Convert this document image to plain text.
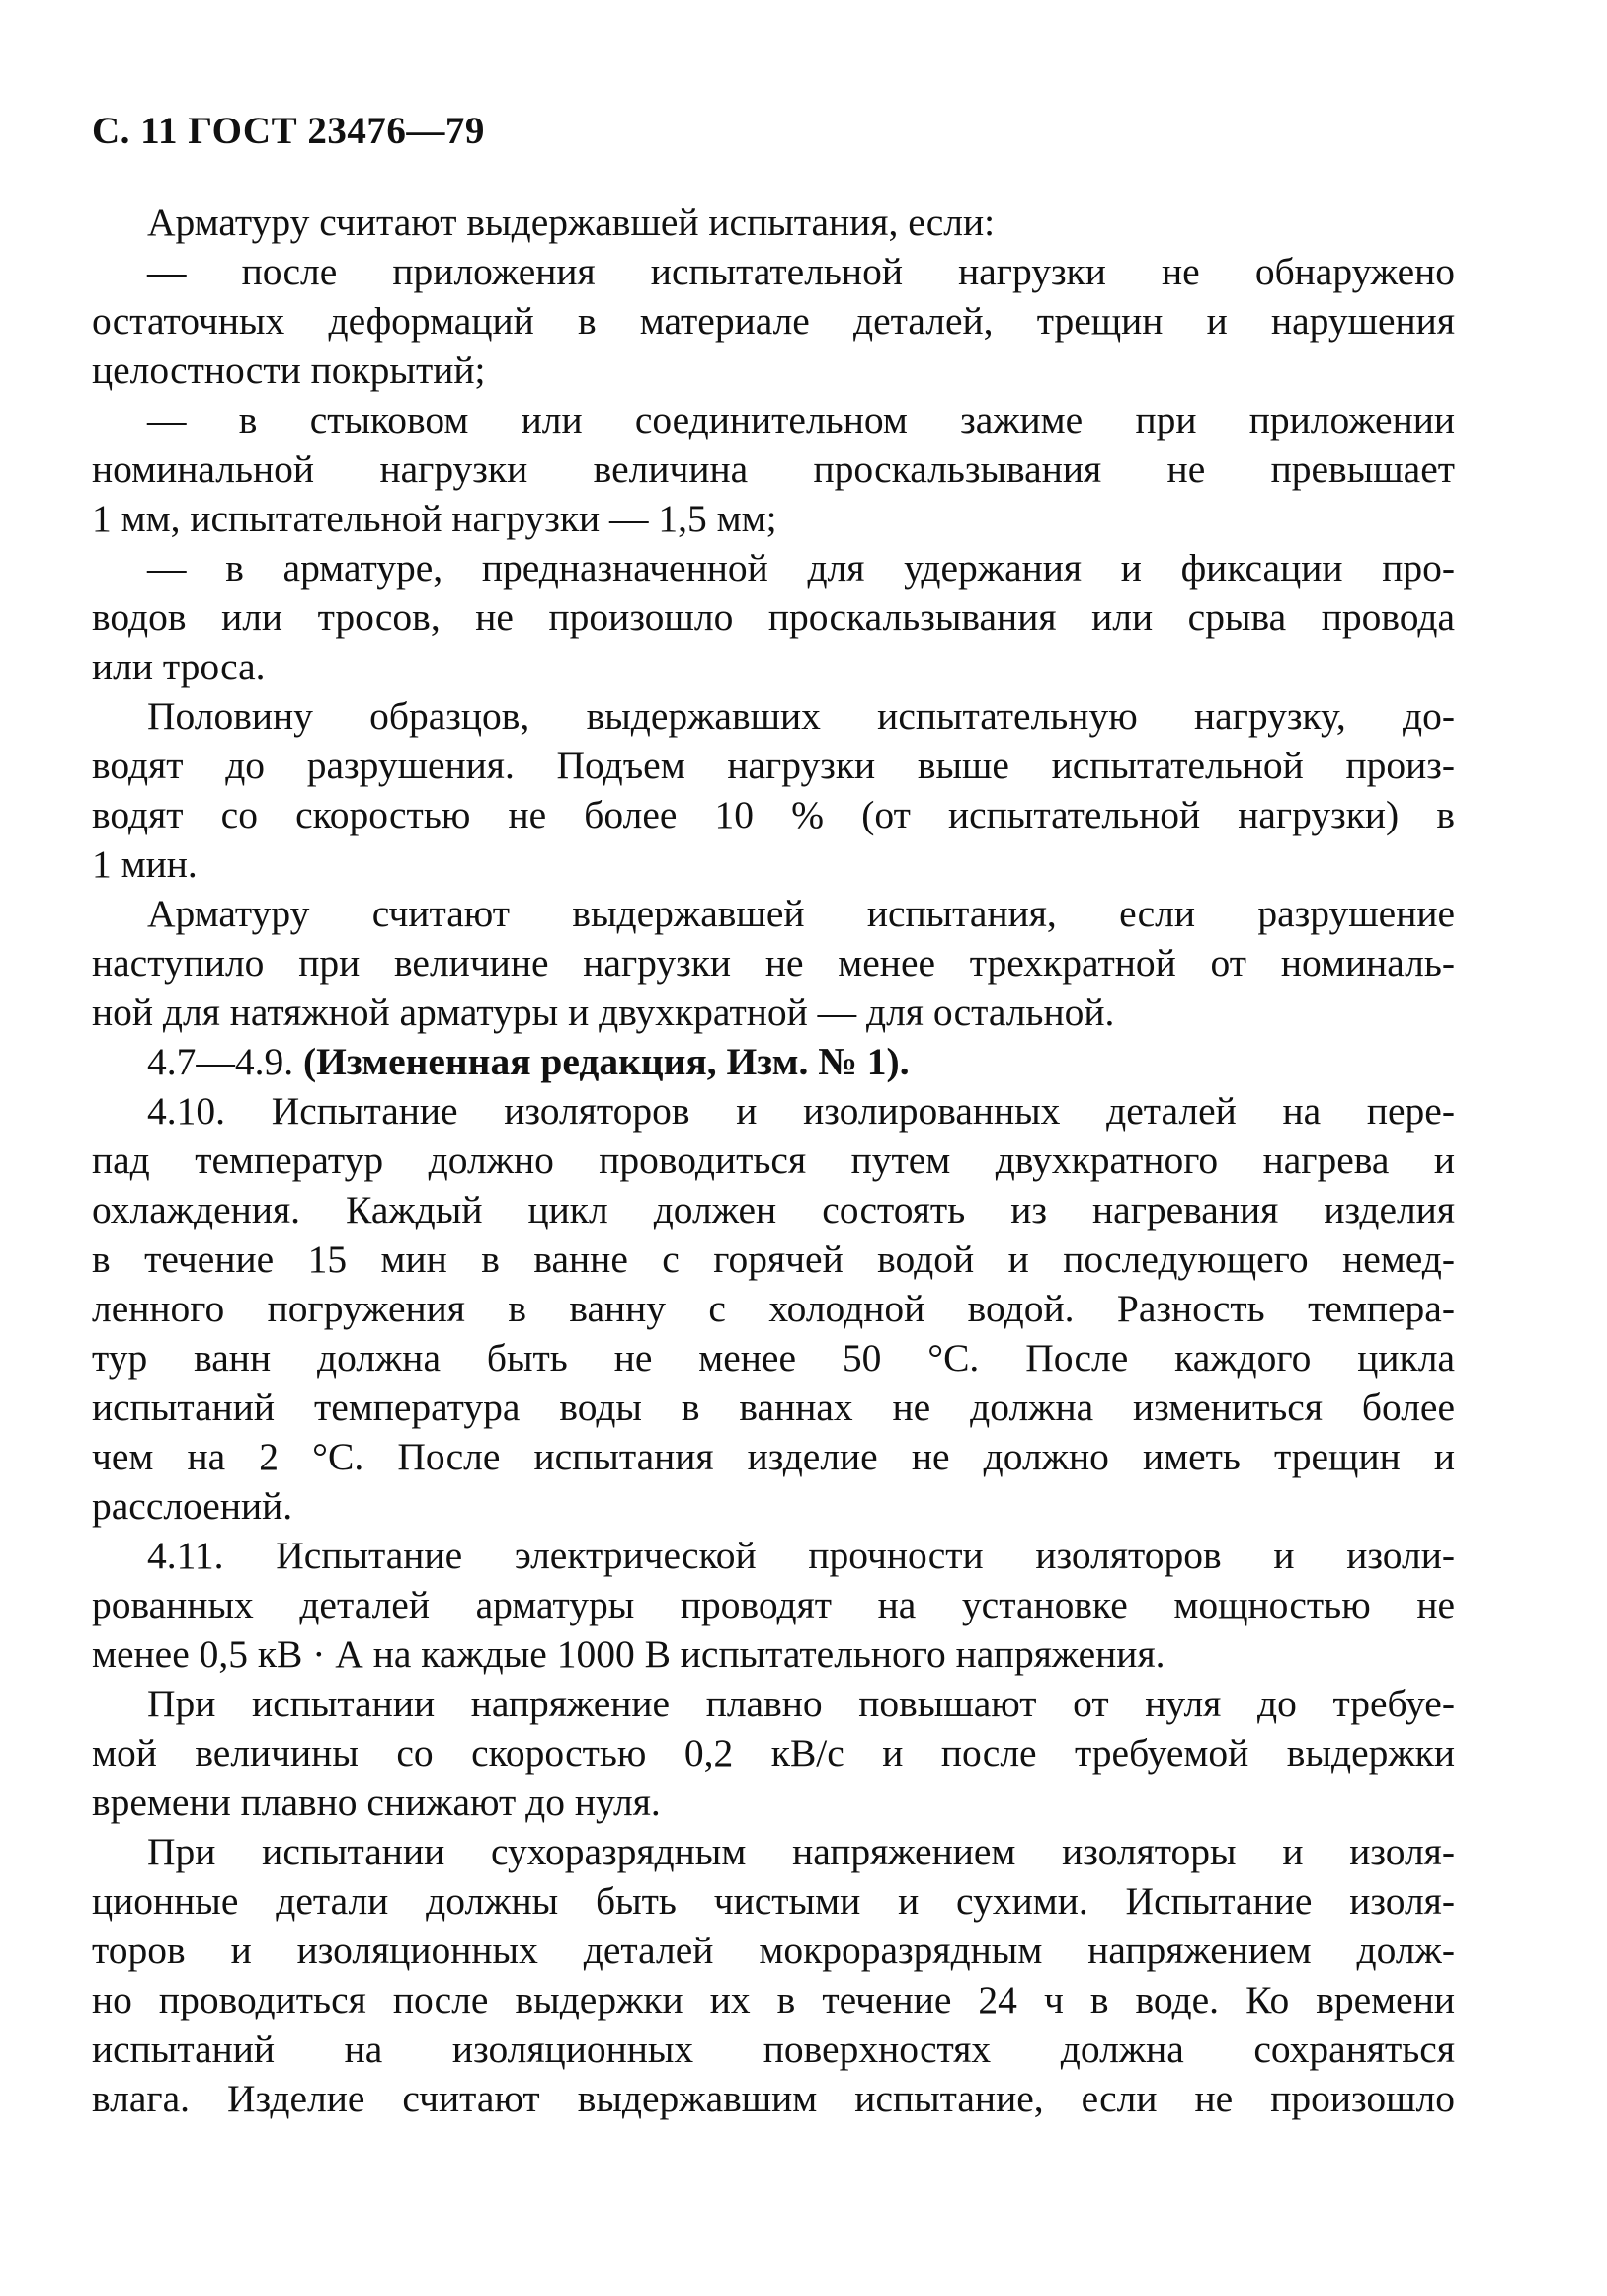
С. 11 ГОСТ 23476—79
Арматуру считают выдержавшей испытания, если:
— после приложения испытательной нагрузки не обнаружено
остаточных деформаций в материале деталей, трещин и нарушения
целостности покрытий;
— в стыковом или соединительном зажиме при приложении
номинальной нагрузки величина проскальзывания не превышает
1 мм, испытательной нагрузки — 1,5 мм;
— в арматуре, предназначенной для удержания и фиксации про-
водов или тросов, не произошло проскальзывания или срыва провода
или троса.
Половину образцов, выдержавших испытательную нагрузку, до-
водят до разрушения. Подъем нагрузки выше испытательной произ-
водят со скоростью не более 10 % (от испытательной нагрузки) в
1 мин.
Арматуру считают выдержавшей испытания, если разрушение
наступило при величине нагрузки не менее трехкратной от номиналь-
ной для натяжной арматуры и двухкратной — для остальной.
4.7—4.9. (Измененная редакция, Изм. № 1).
4.10. Испытание изоляторов и изолированных деталей на пере-
пад температур должно проводиться путем двухкратного нагрева и
охлаждения. Каждый цикл должен состоять из нагревания изделия
в течение 15 мин в ванне с горячей водой и последующего немед-
ленного погружения в ванну с холодной водой. Разность темпера-
тур ванн должна быть не менее 50 °С. После каждого цикла
испытаний температура воды в ваннах не должна измениться более
чем на 2 °С. После испытания изделие не должно иметь трещин и
расслоений.
4.11. Испытание электрической прочности изоляторов и изоли-
рованных деталей арматуры проводят на установке мощностью не
менее 0,5 кВ · А на каждые 1000 В испытательного напряжения.
При испытании напряжение плавно повышают от нуля до требуе-
мой величины со скоростью 0,2 кВ/с и после требуемой выдержки
времени плавно снижают до нуля.
При испытании сухоразрядным напряжением изоляторы и изоля-
ционные детали должны быть чистыми и сухими. Испытание изоля-
торов и изоляционных деталей мокроразрядным напряжением долж-
но проводиться после выдержки их в течение 24 ч в воде. Ко времени
испытаний на изоляционных поверхностях должна сохраняться
влага. Изделие считают выдержавшим испытание, если не произошло
